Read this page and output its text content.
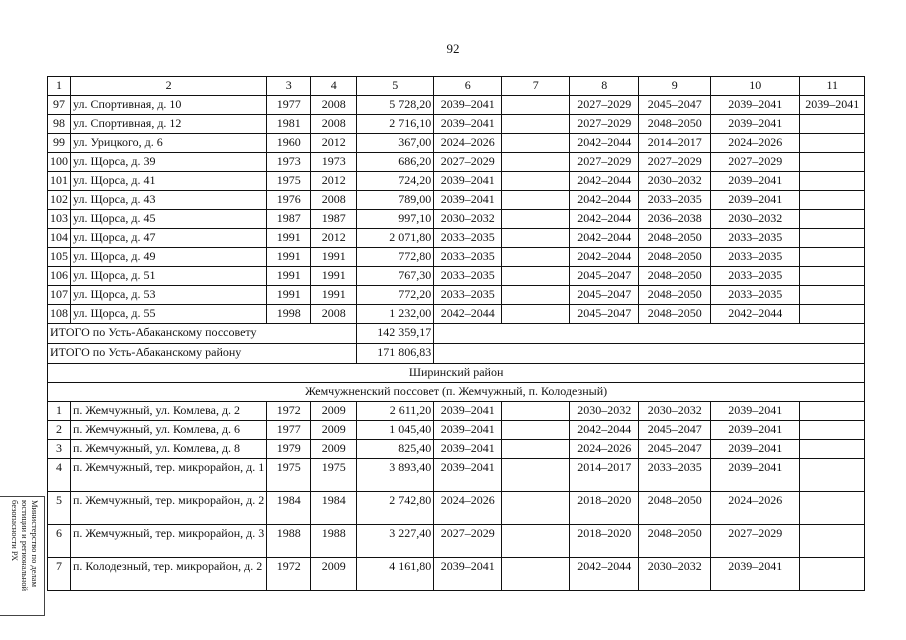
92
1	2	3	4	5	6	7	8	9	10	11
97	ул. Спортивная, д. 10	1977	2008	5 728,20	2039–2041		2027–2029	2045–2047	2039–2041	2039–2041
98	ул. Спортивная, д. 12	1981	2008	2 716,10	2039–2041		2027–2029	2048–2050	2039–2041	
99	ул. Урицкого, д. 6	1960	2012	367,00	2024–2026		2042–2044	2014–2017	2024–2026	
100	ул. Щорса, д. 39	1973	1973	686,20	2027–2029		2027–2029	2027–2029	2027–2029	
101	ул. Щорса, д. 41	1975	2012	724,20	2039–2041		2042–2044	2030–2032	2039–2041	
102	ул. Щорса, д. 43	1976	2008	789,00	2039–2041		2042–2044	2033–2035	2039–2041	
103	ул. Щорса, д. 45	1987	1987	997,10	2030–2032		2042–2044	2036–2038	2030–2032	
104	ул. Щорса, д. 47	1991	2012	2 071,80	2033–2035		2042–2044	2048–2050	2033–2035	
105	ул. Щорса, д. 49	1991	1991	772,80	2033–2035		2042–2044	2048–2050	2033–2035	
106	ул. Щорса, д. 51	1991	1991	767,30	2033–2035		2045–2047	2048–2050	2033–2035	
107	ул. Щорса, д. 53	1991	1991	772,20	2033–2035		2045–2047	2048–2050	2033–2035	
108	ул. Щорса, д. 55	1998	2008	1 232,00	2042–2044		2045–2047	2048–2050	2042–2044	
ИТОГО по Усть-Абаканскому поссовету				142 359,17						
ИТОГО по Усть-Абаканскому району				171 806,83						
Ширинский район										
Жемчужненский поссовет (п. Жемчужный, п. Колодезный)										
1	п. Жемчужный, ул. Комлева, д. 2	1972	2009	2 611,20	2039–2041		2030–2032	2030–2032	2039–2041	
2	п. Жемчужный, ул. Комлева, д. 6	1977	2009	1 045,40	2039–2041		2042–2044	2045–2047	2039–2041	
3	п. Жемчужный, ул. Комлева, д. 8	1979	2009	825,40	2039–2041		2024–2026	2045–2047	2039–2041	
4	п. Жемчужный, тер. микрорайон, д. 1	1975	1975	3 893,40	2039–2041		2014–2017	2033–2035	2039–2041	
5	п. Жемчужный, тер. микрорайон, д. 2	1984	1984	2 742,80	2024–2026		2018–2020	2048–2050	2024–2026	
6	п. Жемчужный, тер. микрорайон, д. 3	1988	1988	3 227,40	2027–2029		2018–2020	2048–2050	2027–2029	
7	п. Колодезный, тер. микрорайон, д. 2	1972	2009	4 161,80	2039–2041		2042–2044	2030–2032	2039–2041	
Министерство по делам
юстиции и региональной
безопасности РХ
